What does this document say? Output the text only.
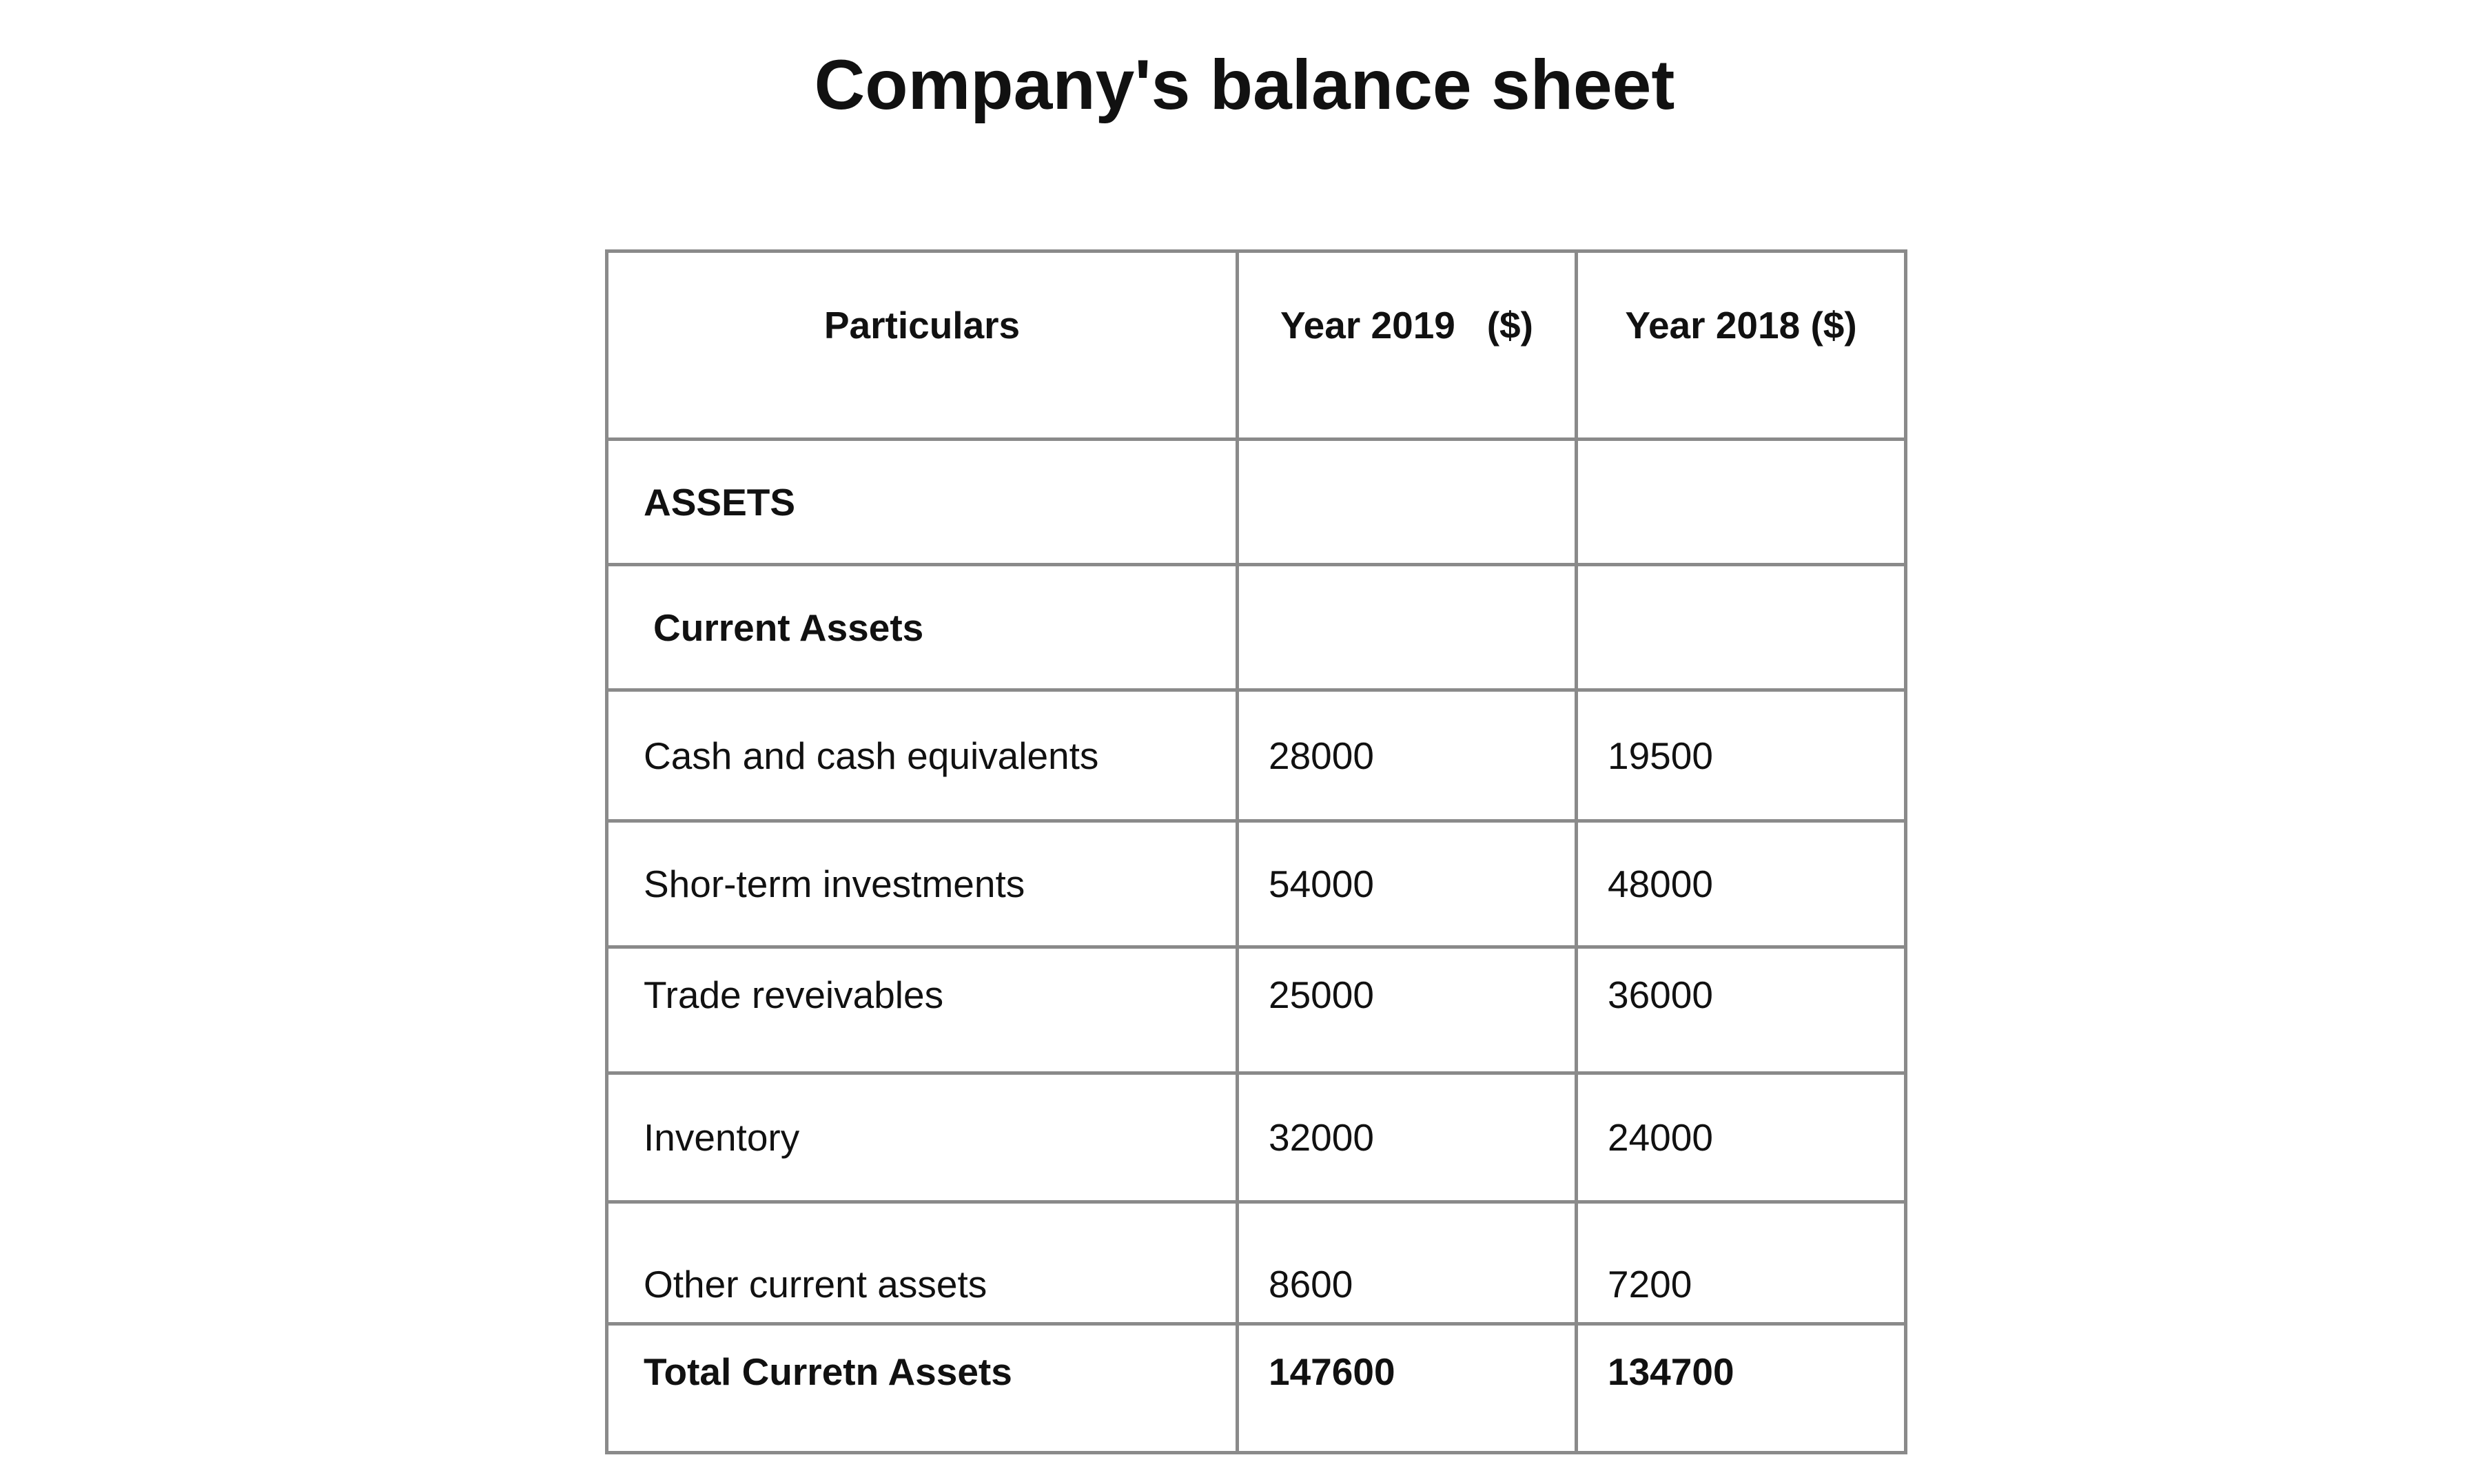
Company's balance sheet
Particulars	Year 2019   ($)	Year 2018 ($)

ASSETS		
Current Assets		
Cash and cash equivalents	28000	19500
Shor-term investments	54000	48000

Trade reveivables	25000	36000

Inventory	32000	24000

Other current assets	8600	7200

Total Curretn Assets	147600	134700
